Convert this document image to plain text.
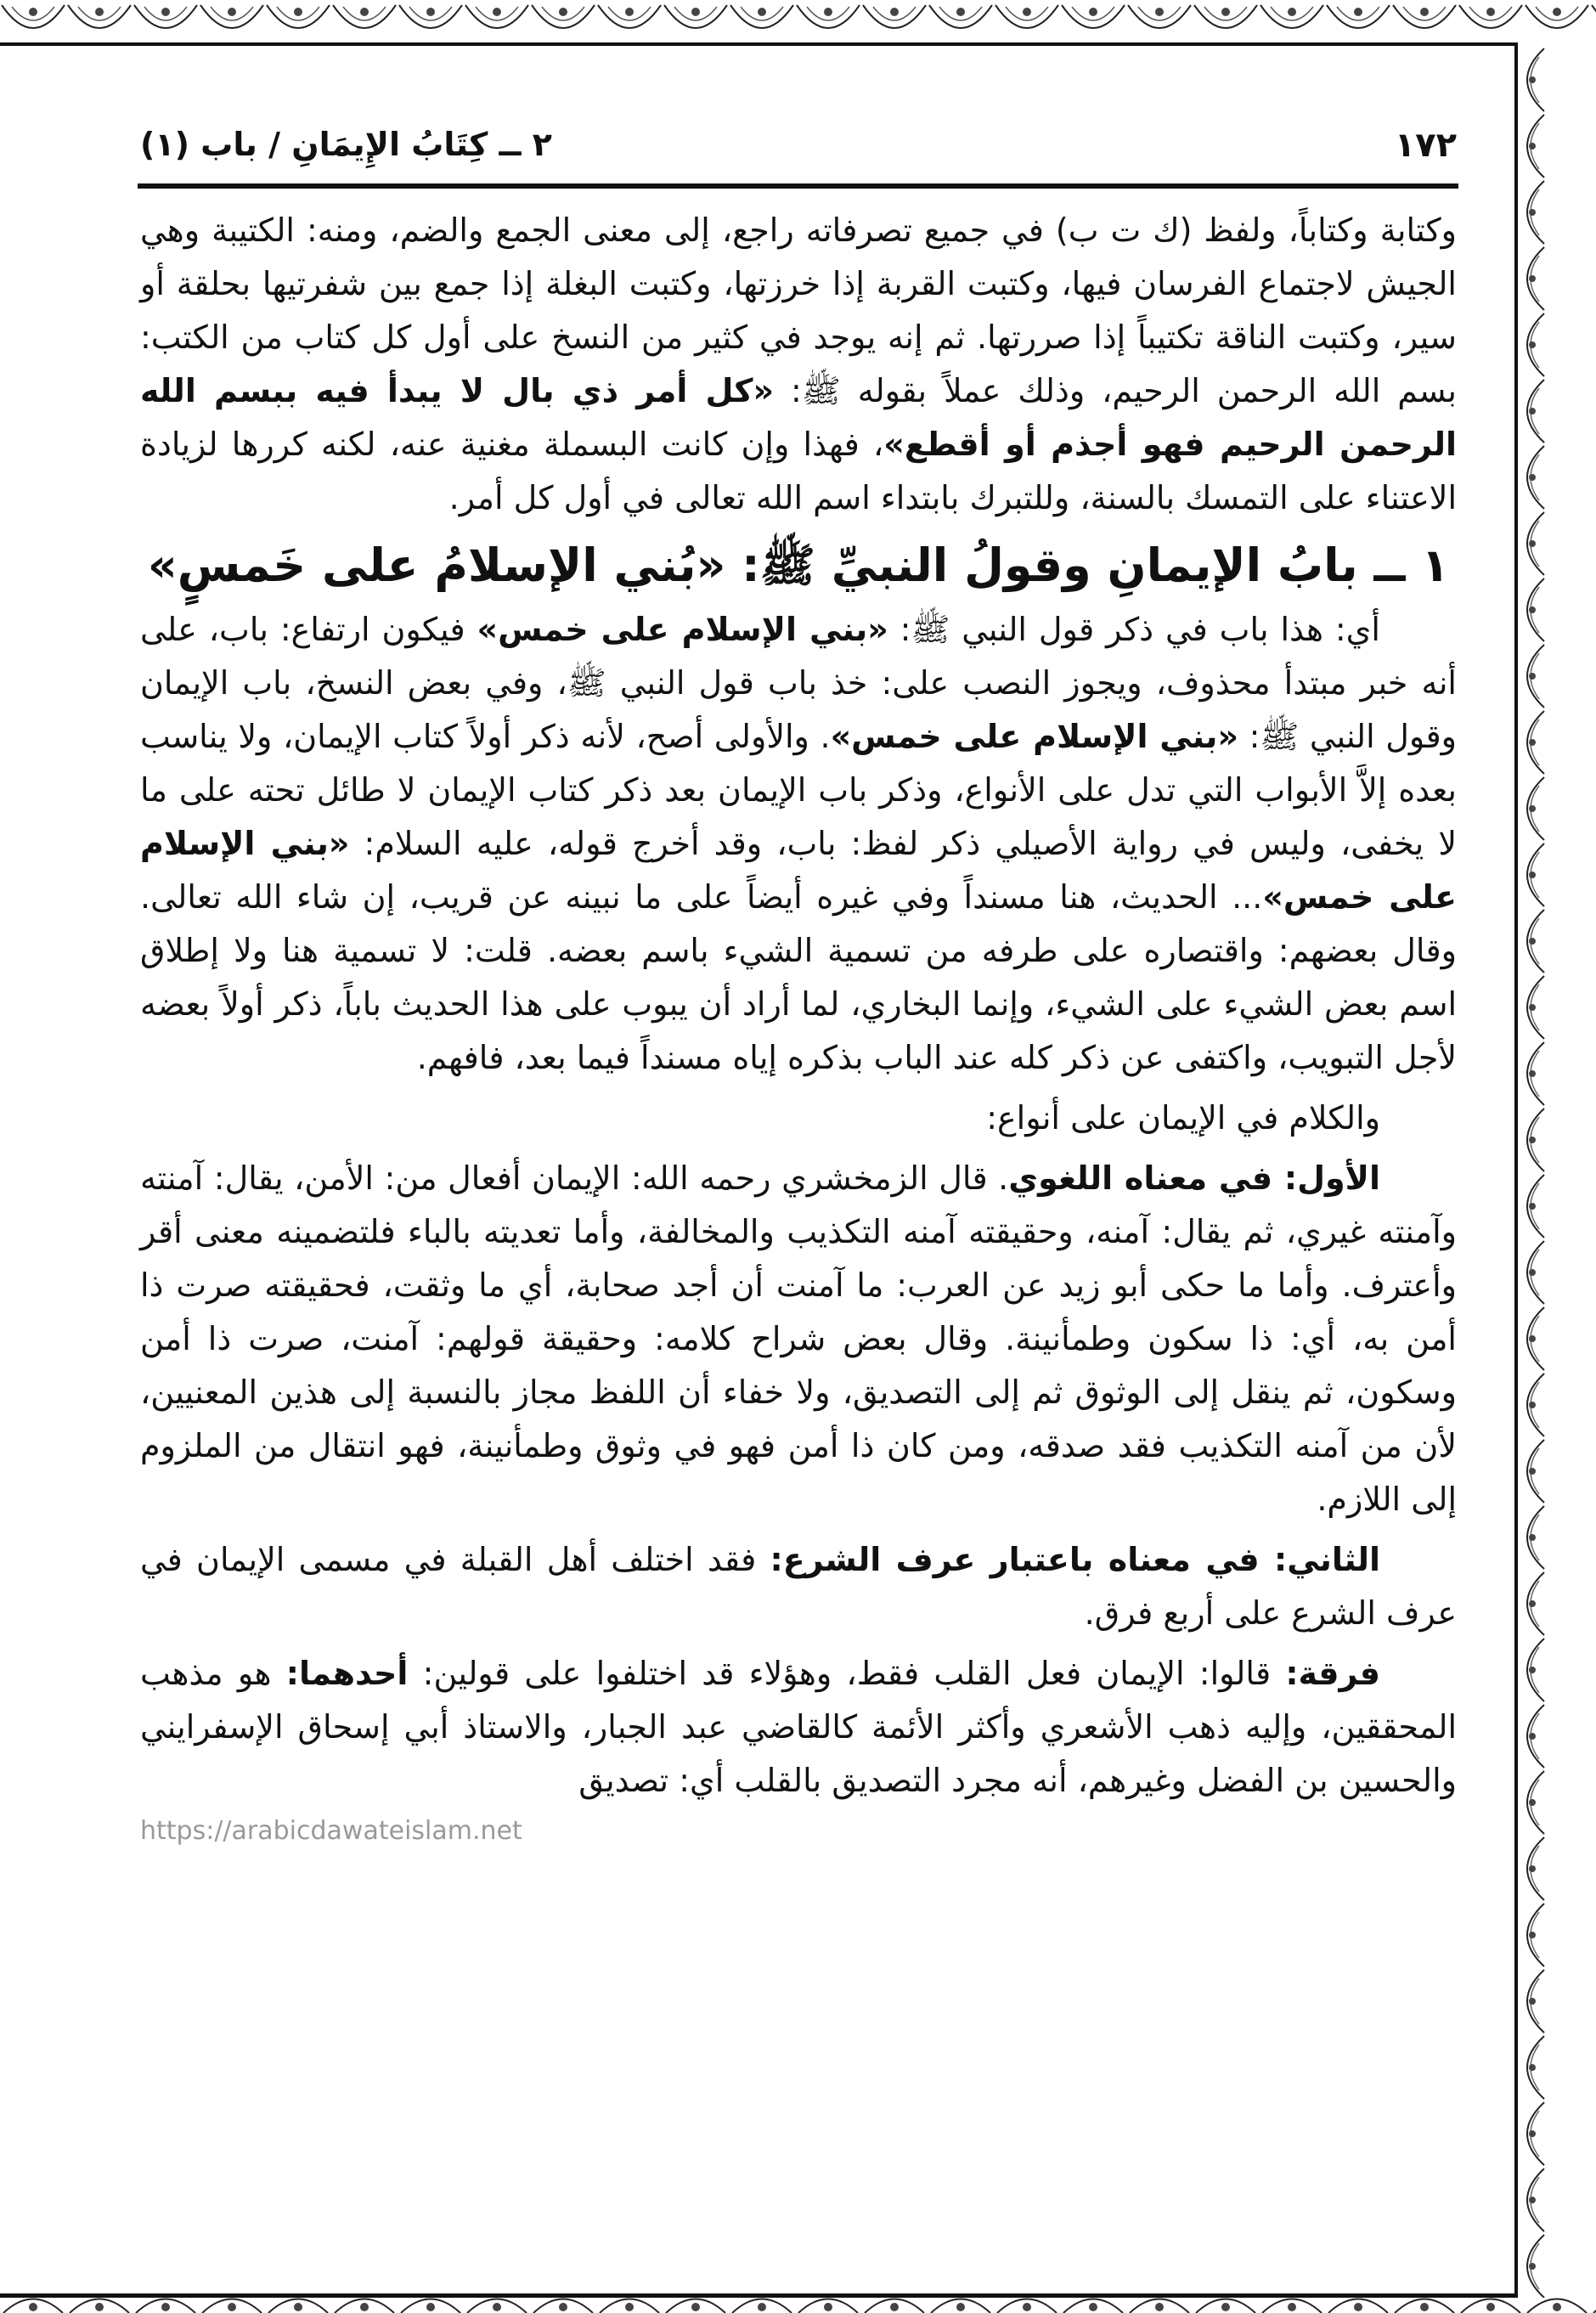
١٧٢
٢ ــ كِتَابُ الإِيمَانِ / باب (١)
وكتابة وكتاباً، ولفظ (ك ت ب) في جميع تصرفاته راجع، إلى معنى الجمع والضم، ومنه: الكتيبة وهي الجيش لاجتماع الفرسان فيها، وكتبت القربة إذا خرزتها، وكتبت البغلة إذا جمع بين شفرتيها بحلقة أو سير، وكتبت الناقة تكتيباً إذا صررتها. ثم إنه يوجد في كثير من النسخ على أول كل كتاب من الكتب: بسم الله الرحمن الرحيم، وذلك عملاً بقوله ﷺ: «كل أمر ذي بال لا يبدأ فيه ببسم الله الرحمن الرحيم فهو أجذم أو أقطع»، فهذا وإن كانت البسملة مغنية عنه، لكنه كررها لزيادة الاعتناء على التمسك بالسنة، وللتبرك بابتداء اسم الله تعالى في أول كل أمر.
١ ــ بابُ الإيمانِ وقولُ النبيِّ ﷺ: «بُني الإسلامُ على خَمسٍ»
أي: هذا باب في ذكر قول النبي ﷺ: «بني الإسلام على خمس» فيكون ارتفاع: باب، على أنه خبر مبتدأ محذوف، ويجوز النصب على: خذ باب قول النبي ﷺ، وفي بعض النسخ، باب الإيمان وقول النبي ﷺ: «بني الإسلام على خمس». والأولى أصح، لأنه ذكر أولاً كتاب الإيمان، ولا يناسب بعده إلاَّ الأبواب التي تدل على الأنواع، وذكر باب الإيمان بعد ذكر كتاب الإيمان لا طائل تحته على ما لا يخفى، وليس في رواية الأصيلي ذكر لفظ: باب، وقد أخرج قوله، عليه السلام: «بني الإسلام على خمس»... الحديث، هنا مسنداً وفي غيره أيضاً على ما نبينه عن قريب، إن شاء الله تعالى. وقال بعضهم: واقتصاره على طرفه من تسمية الشيء باسم بعضه. قلت: لا تسمية هنا ولا إطلاق اسم بعض الشيء على الشيء، وإنما البخاري، لما أراد أن يبوب على هذا الحديث باباً، ذكر أولاً بعضه لأجل التبويب، واكتفى عن ذكر كله عند الباب بذكره إياه مسنداً فيما بعد، فافهم.
والكلام في الإيمان على أنواع:
الأول: في معناه اللغوي. قال الزمخشري رحمه الله: الإيمان أفعال من: الأمن، يقال: آمنته وآمنته غيري، ثم يقال: آمنه، وحقيقته آمنه التكذيب والمخالفة، وأما تعديته بالباء فلتضمينه معنى أقر وأعترف. وأما ما حكى أبو زيد عن العرب: ما آمنت أن أجد صحابة، أي ما وثقت، فحقيقته صرت ذا أمن به، أي: ذا سكون وطمأنينة. وقال بعض شراح كلامه: وحقيقة قولهم: آمنت، صرت ذا أمن وسكون، ثم ينقل إلى الوثوق ثم إلى التصديق، ولا خفاء أن اللفظ مجاز بالنسبة إلى هذين المعنيين، لأن من آمنه التكذيب فقد صدقه، ومن كان ذا أمن فهو في وثوق وطمأنينة، فهو انتقال من الملزوم إلى اللازم.
الثاني: في معناه باعتبار عرف الشرع: فقد اختلف أهل القبلة في مسمى الإيمان في عرف الشرع على أربع فرق.
فرقة: قالوا: الإيمان فعل القلب فقط، وهؤلاء قد اختلفوا على قولين: أحدهما: هو مذهب المحققين، وإليه ذهب الأشعري وأكثر الأئمة كالقاضي عبد الجبار، والاستاذ أبي إسحاق الإسفرايني والحسين بن الفضل وغيرهم، أنه مجرد التصديق بالقلب أي: تصديق
https://arabicdawateislam.net
